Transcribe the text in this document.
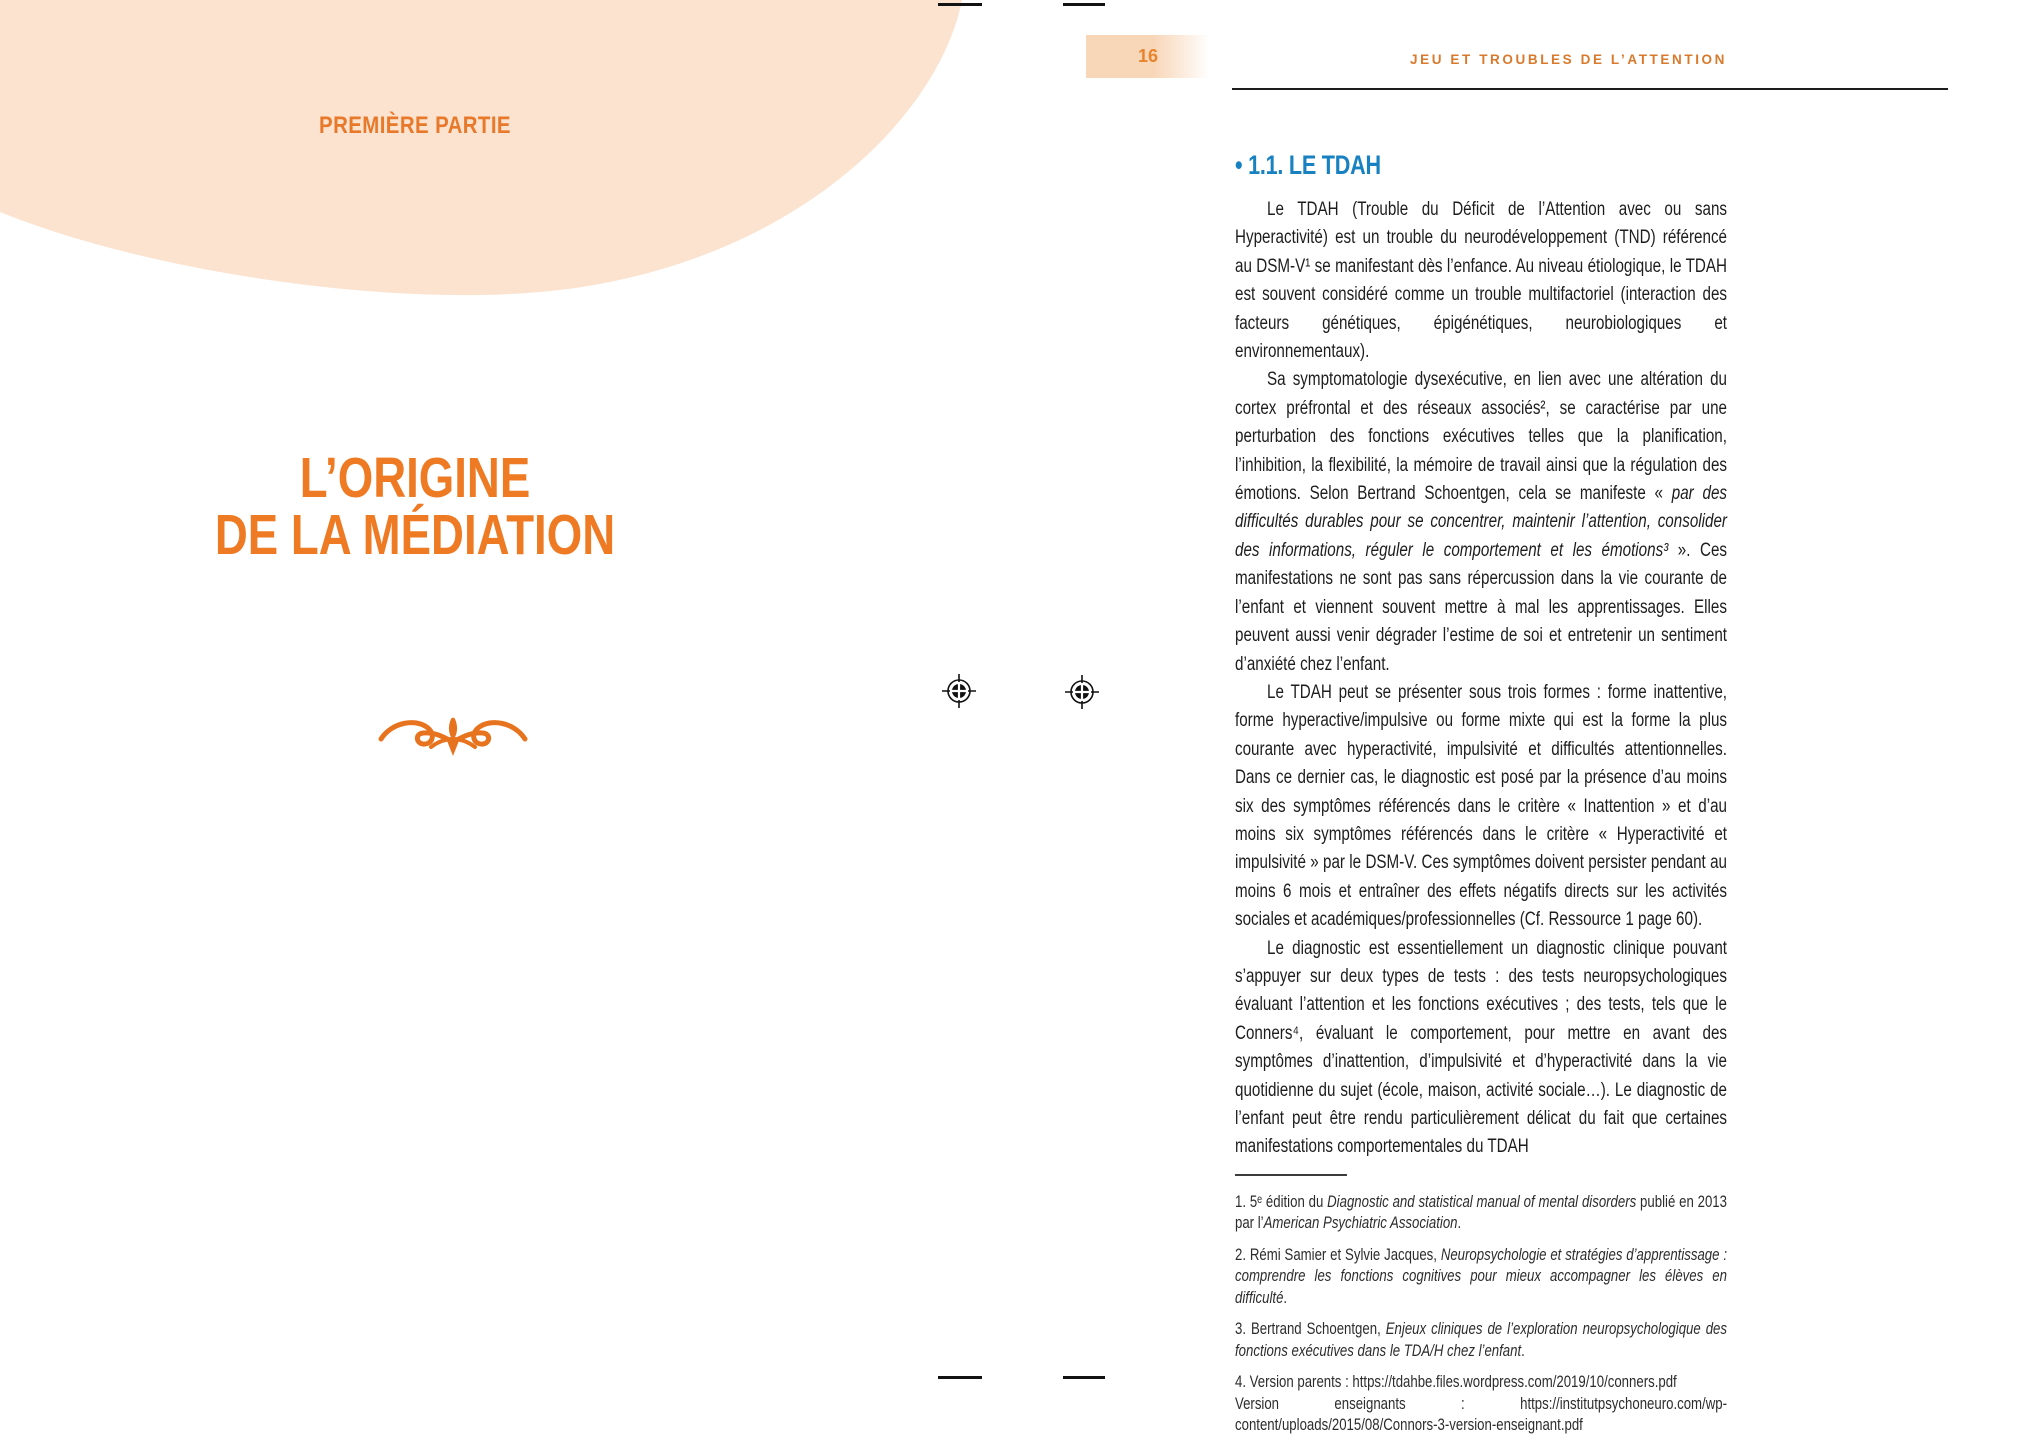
PREMIÈRE PARTIE
L’ORIGINE
DE LA MÉDIATION
16	JEU ET TROUBLES DE L’ATTENTION
• 1.1. LE TDAH

Le TDAH (Trouble du Déficit de l’Attention avec ou sans Hyperactivité) est un trouble du neurodéveloppement (TND) référencé au DSM-V¹ se manifestant dès l’enfance. Au niveau étiologique, le TDAH est souvent considéré comme un trouble multifactoriel (interaction des facteurs génétiques, épigénétiques, neurobiologiques et environnementaux).

Sa symptomatologie dysexécutive, en lien avec une altération du cortex préfrontal et des réseaux associés², se caractérise par une perturbation des fonctions exécutives telles que la planification, l’inhibition, la flexibilité, la mémoire de travail ainsi que la régulation des émotions. Selon Bertrand Schoentgen, cela se manifeste « par des difficultés durables pour se concentrer, maintenir l’attention, consolider des informations, réguler le comportement et les émotions³ ». Ces manifestations ne sont pas sans répercussion dans la vie courante de l’enfant et viennent souvent mettre à mal les apprentissages. Elles peuvent aussi venir dégrader l’estime de soi et entretenir un sentiment d’anxiété chez l’enfant.

Le TDAH peut se présenter sous trois formes : forme inattentive, forme hyperactive/impulsive ou forme mixte qui est la forme la plus courante avec hyperactivité, impulsivité et difficultés attentionnelles. Dans ce dernier cas, le diagnostic est posé par la présence d’au moins six des symptômes référencés dans le critère « Inattention » et d’au moins six symptômes référencés dans le critère « Hyperactivité et impulsivité » par le DSM-V. Ces symptômes doivent persister pendant au moins 6 mois et entraîner des effets négatifs directs sur les activités sociales et académiques/professionnelles (Cf. Ressource 1 page 60).

Le diagnostic est essentiellement un diagnostic clinique pouvant s’appuyer sur deux types de tests : des tests neuropsychologiques évaluant l’attention et les fonctions exécutives ; des tests, tels que le Conners⁴, évaluant le comportement, pour mettre en avant des symptômes d’inattention, d’impulsivité et d’hyperactivité dans la vie quotidienne du sujet (école, maison, activité sociale…). Le diagnostic de l’enfant peut être rendu particulièrement délicat du fait que certaines manifestations comportementales du TDAH

1. 5ᵉ édition du Diagnostic and statistical manual of mental disorders publié en 2013 par l’American Psychiatric Association.

2. Rémi Samier et Sylvie Jacques, Neuropsychologie et stratégies d’apprentissage : comprendre les fonctions cognitives pour mieux accompagner les élèves en difficulté.

3. Bertrand Schoentgen, Enjeux cliniques de l’exploration neuropsychologique des fonctions exécutives dans le TDA/H chez l’enfant.

4. Version parents : https://tdahbe.files.wordpress.com/2019/10/conners.pdf
Version enseignants : https://institutpsychoneuro.com/wp-content/uploads/2015/08/Connors-3-version-enseignant.pdf
